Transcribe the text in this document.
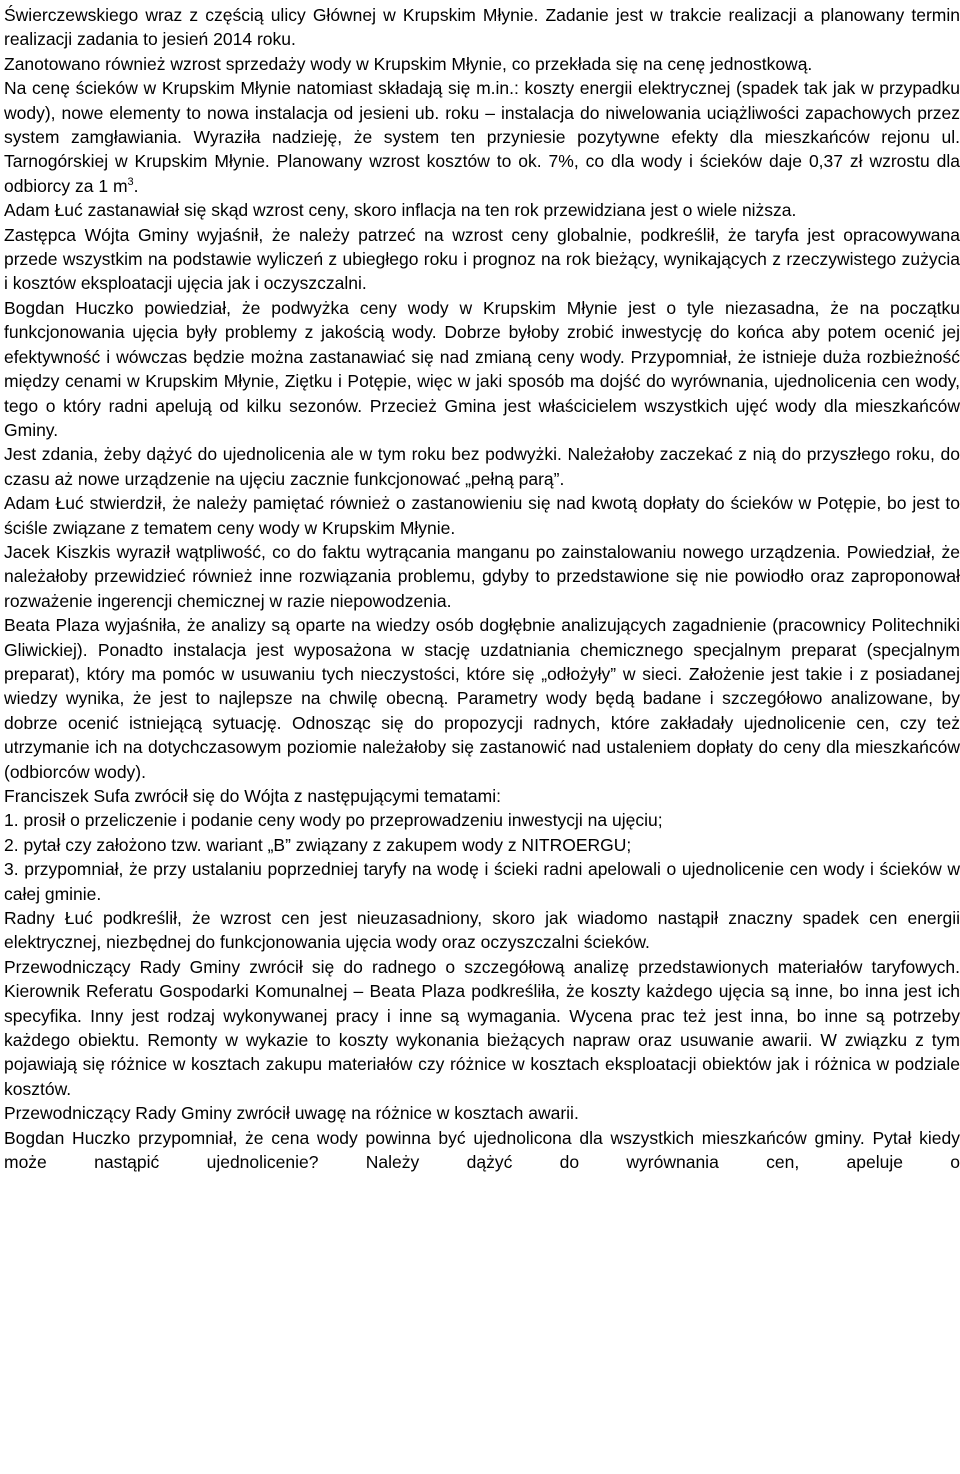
Świerczewskiego wraz z częścią ulicy Głównej w Krupskim Młynie. Zadanie jest w trakcie realizacji a planowany termin realizacji zadania to jesień 2014 roku.

Zanotowano również wzrost sprzedaży wody w Krupskim Młynie, co przekłada się na cenę jednostkową.

Na cenę ścieków w Krupskim Młynie natomiast składają się m.in.: koszty energii elektrycznej (spadek tak jak w przypadku wody), nowe elementy to nowa instalacja od jesieni ub. roku – instalacja do niwelowania uciążliwości zapachowych przez system zamgławiania. Wyraziła nadzieję, że system ten przyniesie pozytywne efekty dla mieszkańców rejonu ul. Tarnogórskiej w Krupskim Młynie. Planowany wzrost kosztów to ok. 7%, co dla wody i ścieków daje 0,37 zł wzrostu dla odbiorcy za 1 $m^3$.

Adam Łuć zastanawiał się skąd wzrost ceny, skoro inflacja na ten rok przewidziana jest o wiele niższa.

Zastępca Wójta Gminy wyjaśnił, że należy patrzeć na wzrost ceny globalnie, podkreślił, że taryfa jest opracowywana przede wszystkim na podstawie wyliczeń z ubiegłego roku i prognoz na rok bieżący, wynikających z rzeczywistego zużycia i kosztów eksploatacji ujęcia jak i oczyszczalni.

Bogdan Huczko powiedział, że podwyżka ceny wody w Krupskim Młynie jest o tyle niezasadna, że na początku funkcjonowania ujęcia były problemy z jakością wody. Dobrze byłoby zrobić inwestycję do końca aby potem ocenić jej efektywność i wówczas będzie można zastanawiać się nad zmianą ceny wody. Przypomniał, że istnieje duża rozbieżność między cenami w Krupskim Młynie, Ziętku i Potępie, więc w jaki sposób ma dojść do wyrównania, ujednolicenia cen wody, tego o który radni apelują od kilku sezonów. Przecież Gmina jest właścicielem wszystkich ujęć wody dla mieszkańców Gminy.

Jest zdania, żeby dążyć do ujednolicenia ale w tym roku bez podwyżki. Należałoby zaczekać z nią do przyszłego roku, do czasu aż nowe urządzenie na ujęciu zacznie funkcjonować „pełną parą”.

Adam Łuć stwierdził, że należy pamiętać również o zastanowieniu się nad kwotą dopłaty do ścieków w Potępie, bo jest to ściśle związane z tematem ceny wody w Krupskim Młynie.

Jacek Kiszkis wyraził wątpliwość, co do faktu wytrącania manganu po zainstalowaniu nowego urządzenia. Powiedział, że należałoby przewidzieć również inne rozwiązania problemu, gdyby to przedstawione się nie powiodło oraz zaproponował rozważenie ingerencji chemicznej w razie niepowodzenia.

Beata Plaza wyjaśniła, że analizy są oparte na wiedzy osób dogłębnie analizujących zagadnienie (pracownicy Politechniki Gliwickiej). Ponadto instalacja jest wyposażona w stację uzdatniania chemicznego specjalnym preparat (specjalnym preparat), który ma pomóc w usuwaniu tych nieczystości, które się „odłożyły” w sieci. Założenie jest takie i z posiadanej wiedzy wynika, że jest to najlepsze na chwilę obecną. Parametry wody będą badane i szczegółowo analizowane, by dobrze ocenić istniejącą sytuację. Odnosząc się do propozycji radnych, które zakładały ujednolicenie cen, czy też utrzymanie ich na dotychczasowym poziomie należałoby się zastanowić nad ustaleniem dopłaty do ceny dla mieszkańców (odbiorców wody).

Franciszek Sufa zwrócił się do Wójta z następującymi tematami:

1. prosił o przeliczenie i podanie ceny wody po przeprowadzeniu inwestycji na ujęciu;

2. pytał czy założono tzw. wariant „B” związany z zakupem wody z NITROERGU;

3. przypomniał, że przy ustalaniu poprzedniej taryfy na wodę i ścieki radni apelowali o ujednolicenie cen wody i ścieków w całej gminie.

Radny Łuć podkreślił, że wzrost cen jest nieuzasadniony, skoro jak wiadomo nastąpił znaczny spadek cen energii elektrycznej, niezbędnej do funkcjonowania ujęcia wody oraz oczyszczalni ścieków.

Przewodniczący Rady Gminy zwrócił się do radnego o szczegółową analizę przedstawionych materiałów taryfowych. Kierownik Referatu Gospodarki Komunalnej – Beata Plaza podkreśliła, że koszty każdego ujęcia są inne, bo inna jest ich specyfika. Inny jest rodzaj wykonywanej pracy i inne są wymagania. Wycena prac też jest inna, bo inne są potrzeby każdego obiektu. Remonty w wykazie to koszty wykonania bieżących napraw oraz usuwanie awarii. W związku z tym pojawiają się różnice w kosztach zakupu materiałów czy różnice w kosztach eksploatacji obiektów jak i różnica w podziale kosztów.

Przewodniczący Rady Gminy zwrócił uwagę na różnice w kosztach awarii.

Bogdan Huczko przypomniał, że cena wody powinna być ujednolicona dla wszystkich mieszkańców gminy. Pytał kiedy może nastąpić ujednolicenie? Należy dążyć do wyrównania cen, apeluje o
